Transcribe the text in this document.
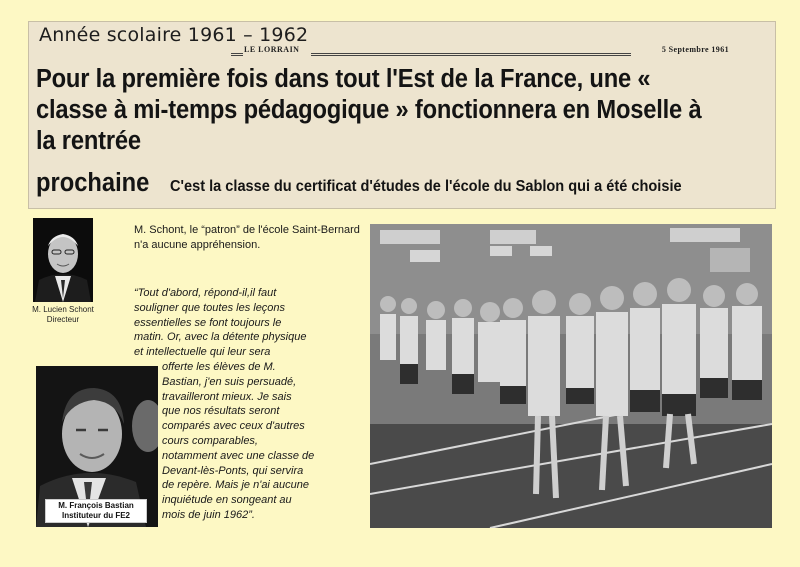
Année scolaire 1961 – 1962
LE LORRAIN	5 Septembre 1961

Pour la première fois dans tout l'Est de la France, une « classe à mi-temps pédagogique » fonctionnera en Moselle à la rentrée

prochaine C'est la classe du certificat d'études de l'école du Sablon qui a été choisie
M. Lucien Schont
Directeur

M. Schont, le “patron” de l'école Saint-Bernard n'a aucune appréhension.

“Tout d'abord, répond-il,il faut
souligner que toutes les leçons
essentielles se font toujours le
matin. Or, avec la détente physique
et intellectuelle qui leur sera
offerte les élèves de M.
Bastian, j'en suis persuadé,
travailleront mieux. Je sais
que nos résultats seront
comparés avec ceux d'autres
cours comparables,
notamment avec une classe de
Devant-lès-Ponts, qui servira
de repère. Mais je n'ai aucune
inquiétude en songeant au
mois de juin 1962”.

M. François Bastian
Instituteur du FE2
